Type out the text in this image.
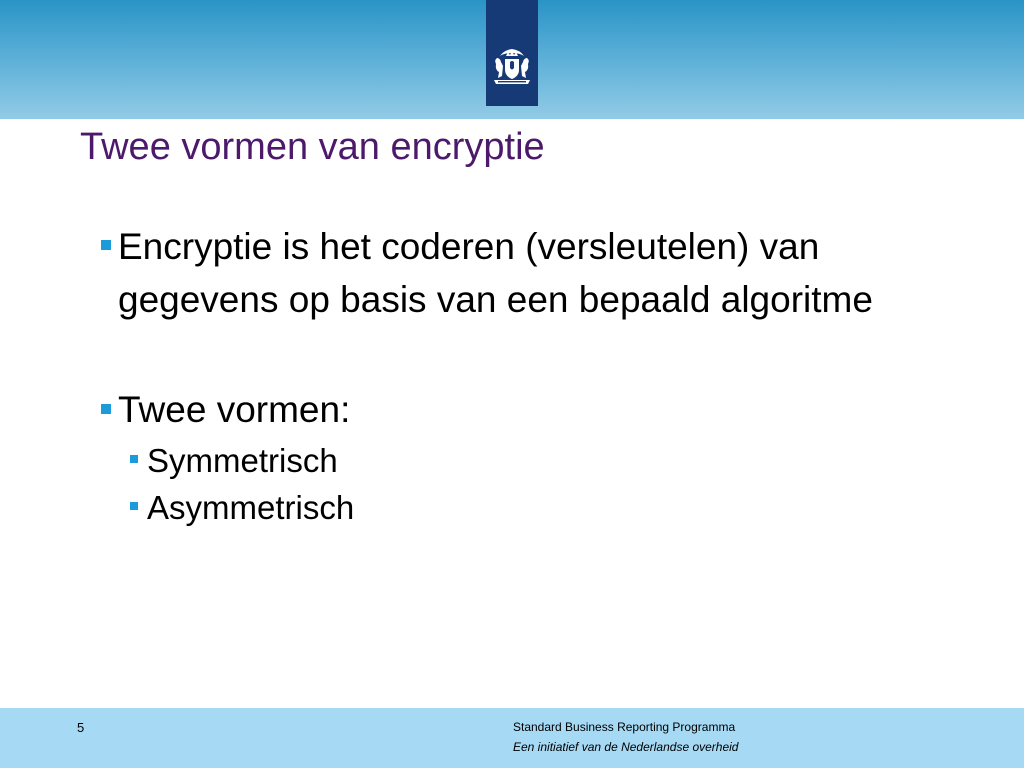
Twee vormen van encryptie

Encryptie is het coderen (versleutelen) van gegevens op basis van een bepaald algoritme

Twee vormen:

Symmetrisch

Asymmetrisch

5	Standard Business Reporting Programma
Een initiatief van de Nederlandse overheid
